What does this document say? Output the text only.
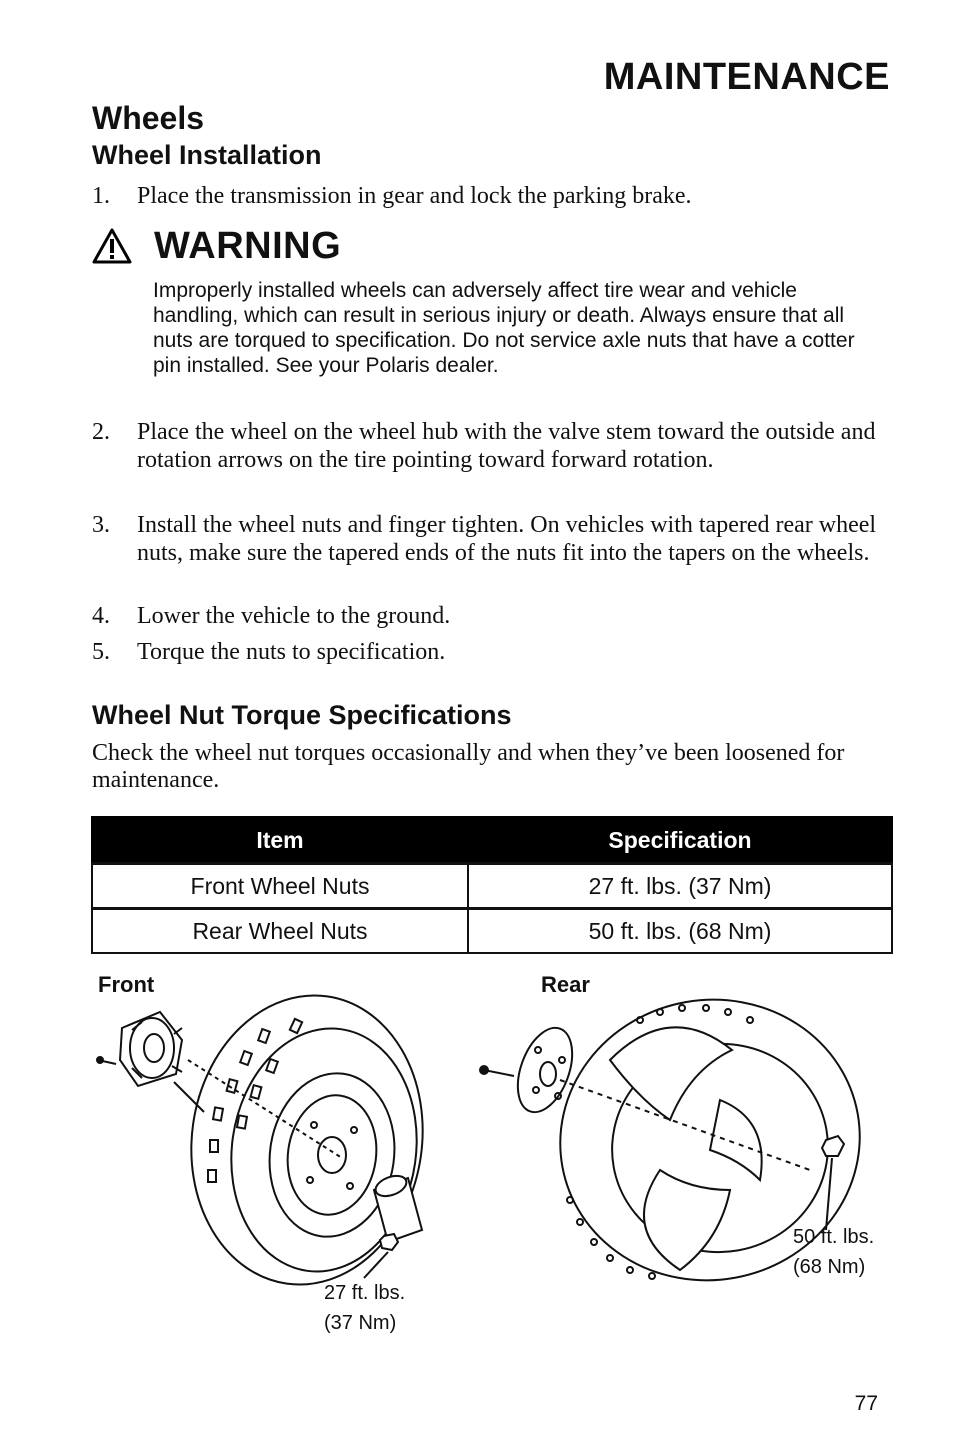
MAINTENANCE
Wheels
Wheel Installation
1.	Place the transmission in gear and lock the parking brake.
WARNING
Improperly installed wheels can adversely affect tire wear and vehicle handling, which can result in serious injury or death. Always ensure that all nuts are torqued to specification. Do not service axle nuts that have a cotter pin installed. See your Polaris dealer.
2.	Place the wheel on the wheel hub with the valve stem toward the outside and rotation arrows on the tire pointing toward forward rotation.
3.	Install the wheel nuts and finger tighten. On vehicles with tapered rear wheel nuts, make sure the tapered ends of the nuts fit into the tapers on the wheels.
4.	Lower the vehicle to the ground.
5.	Torque the nuts to specification.
Wheel Nut Torque Specifications
Check the wheel nut torques occasionally and when they’ve been loosened for maintenance.
Item	Specification
Front Wheel Nuts	27 ft. lbs. (37 Nm)
Rear Wheel Nuts	50 ft. lbs. (68 Nm)
Front	Rear
27 ft. lbs.
(37 Nm)
50 ft. lbs.
(68 Nm)
77
